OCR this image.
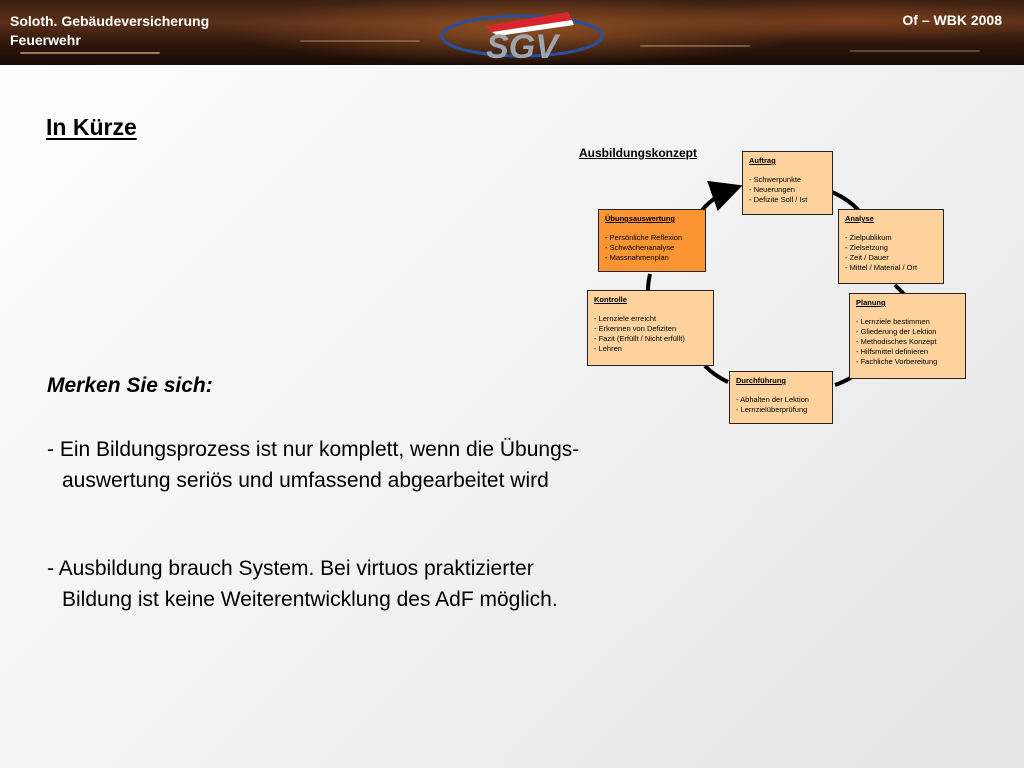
Soloth. Gebäudeversicherung
Feuerwehr	SGV
Of – WBK 2008
In Kürze
Ausbildungskonzept
Auftrag
- Schwerpunkte
- Neuerungen
- Defizite Soll / Ist
Analyse
- Zielpublikum
- Zielsetzung
- Zeit / Dauer
- Mittel / Material / Ort
Planung
- Lernziele bestimmen
- Gliederung der Lektion
- Methodisches Konzept
- Hilfsmittel definieren
- Fachliche Vorbereitung
Durchführung
- Abhalten der Lektion
- Lernzielüberprüfung
Kontrolle
- Lernziele erreicht
- Erkennen von Defiziten
- Fazit (Erfüllt / Nicht erfüllt)
- Lehren
Übungsauswertung
- Persönliche Reflexion
- Schwächenanalyse
- Massnahmenplan
Merken Sie sich:
- Ein Bildungsprozess ist nur komplett, wenn die Übungs-
auswertung seriös und umfassend abgearbeitet wird
- Ausbildung brauch System. Bei virtuos praktizierter
Bildung ist keine Weiterentwicklung des AdF möglich.
